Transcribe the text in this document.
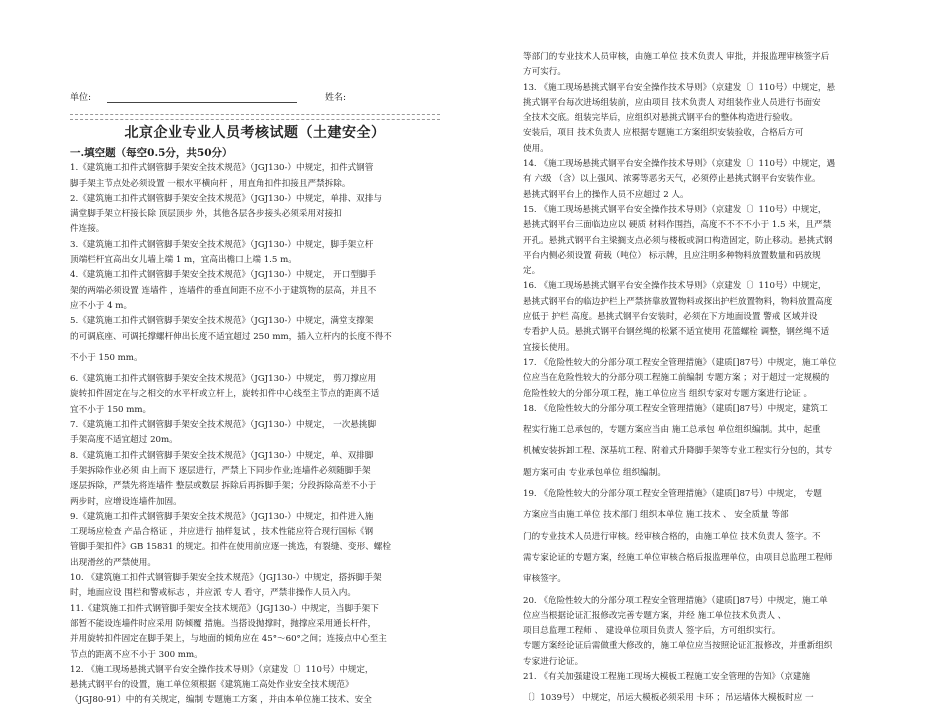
单位:	姓名:
北京企业专业人员考核试题（土建安全）
一.填空题（每空0.5分，共50分）
1.《建筑施工扣件式钢管脚手架安全技术规范》（JGJ130-）中规定，扣件式钢管
脚手架主节点处必须设置 一根水平横向杆 ，用直角扣件扣接且严禁拆除。
2.《建筑施工扣件式钢管脚手架安全技术规范》（JGJ130-）中规定，单排、双排与
满堂脚手架立杆接长除 顶层顶步 外，其他各层各步接头必须采用对接扣
件连接。
3.《建筑施工扣件式钢管脚手架安全技术规范》（JGJ130-）中规定，脚手架立杆
顶端栏杆宜高出女儿墙上端 1 m，宜高出檐口上端 1.5 m。
4.《建筑施工扣件式钢管脚手架安全技术规范》（JGJ130-）中规定， 开口型脚手
架的两端必须设置 连墙件 ，连墙件的垂直间距不应不小于建筑物的层高，并且不
应不小于 4 m。
5.《建筑施工扣件式钢管脚手架安全技术规范》（JGJ130-）中规定，满堂支撑架
的可调底座、可调托撑螺杆伸出长度不适宜超过 250 mm，插入立杆内的长度不得不
不小于 150 mm。
6.《建筑施工扣件式钢管脚手架安全技术规范》（JGJ130-）中规定， 剪刀撑应用
旋转扣件固定在与之相交的水平杆或立杆上，旋转扣件中心线至主节点的距离不适
宜不小于 150 mm。
7.《建筑施工扣件式钢管脚手架安全技术规范》（JGJ130-）中规定， 一次悬挑脚
手架高度不适宜超过 20m。
8.《建筑施工扣件式钢管脚手架安全技术规范》（JGJ130-）中规定，单、双排脚
手架拆除作业必须 由上而下 逐层进行，严禁上下同步作业;连墙件必须随脚手架
逐层拆除，严禁先将连墙件 整层或数层 拆除后再拆脚手架；分段拆除高差不小于
两步时，应增设连墙件加固。
9.《建筑施工扣件式钢管脚手架安全技术规范》（JGJ130-）中规定，扣件进入施
工现场应检查 产品合格证 ，并应进行 抽样复试 ，技术性能应符合现行国标《钢
管脚手架扣件》GB 15831 的规定。扣件在使用前应逐一挑选，有裂缝、变形、螺栓
出现滑丝的严禁使用。
10. 《建筑施工扣件式钢管脚手架安全技术规范》（JGJ130-）中规定，搭拆脚手架
时，地面应设 围栏和警戒标志 ，并应派 专人 看守，严禁非操作人员入内。
11.《建筑施工扣件式钢管脚手架安全技术规范》（JGJ130-）中规定，当脚手架下
部暂不能设连墙件时应采用 防倾覆 措施。当搭设抛撑时，抛撑应采用通长杆件，
并用旋转扣件固定在脚手架上，与地面的倾角应在 45°～60°之间；连接点中心至主
节点的距离不应不小于 300 mm。
12. 《施工现场悬挑式钢平台安全操作技术导则》（京建发〔〕110号）中规定，
悬挑式钢平台的设置，施工单位须根据《建筑施工高处作业安全技术规范》
（JGJ80-91）中的有关规定，编制 专题施工方案 ，并由本单位施工技术、安全
等部门的专业技术人员审核，由施工单位 技术负责人 审批，并报监理审核签字后
方可实行。
13. 《施工现场悬挑式钢平台安全操作技术导则》（京建发〔〕110号）中规定，悬
挑式钢平台每次进场组装前，应由项目 技术负责人 对组装作业人员进行书面安
全技术交底。组装完毕后，应组织对悬挑式钢平台的整体构造进行验收。
安装后，项目 技术负责人 应根据专题施工方案组织安装验收，合格后方可
使用。
14. 《施工现场悬挑式钢平台安全操作技术导则》（京建发〔〕110号）中规定，遇
有 六级 （含）以上强风、浓雾等恶劣天气，必须停止悬挑式钢平台安装作业。
悬挑式钢平台上的操作人员不应超过 2 人。
15. 《施工现场悬挑式钢平台安全操作技术导则》（京建发〔〕110号）中规定，
悬挑式钢平台三面临边应以 硬质 材料作围挡，高度不不不不小于 1.5 米，且严禁
开孔。悬挑式钢平台主梁搁支点必须与楼板或洞口构造固定，防止移动。悬挑式钢
平台内侧必须设置 荷载（吨位） 标示牌，且应注明多种物料放置数量和码放规
定。
16. 《施工现场悬挑式钢平台安全操作技术导则》（京建发〔〕110号）中规定，
悬挑式钢平台的临边护栏上严禁挤靠放置物料或探出护栏放置物料，物料放置高度
应低于 护栏 高度。悬挑式钢平台安装时，必须在下方地面设置 警戒 区域并设
专看护人员。悬挑式钢平台钢丝绳的松紧不适宜使用 花篮螺栓 调整，钢丝绳不适
宜接长使用。
17. 《危险性较大的分部分项工程安全管理措施》（建质[]87号）中规定，施工单位
位应当在危险性较大的分部分项工程施工前编制 专题方案 ；对于超过一定规模的
危险性较大的分部分项工程，施工单位应当 组织专家对专题方案进行论证 。
18. 《危险性较大的分部分项工程安全管理措施》（建质[]87号）中规定，建筑工
程实行施工总承包的，专题方案应当由 施工总承包 单位组织编制。其中，起重
机械安装拆卸工程、深基坑工程、附着式升降脚手架等专业工程实行分包的，其专
题方案可由 专业承包单位 组织编制。
19. 《危险性较大的分部分项工程安全管理措施》（建质[]87号）中规定， 专题
方案应当由施工单位 技术部门 组织本单位 施工技术 、 安全质量 等部
门的专业技术人员进行审核。经审核合格的，由施工单位 技术负责人 签字。不
需专家论证的专题方案，经施工单位审核合格后报监理单位，由项目总监理工程师
审核签字。
20. 《危险性较大的分部分项工程安全管理措施》（建质[]87号）中规定，施工单
位应当根据论证汇报修改完善专题方案，并经 施工单位技术负责人 、
项目总监理工程师 、 建设单位项目负责人 签字后，方可组织实行。
专题方案经论证后需做重大修改的，施工单位应当按照论证汇报修改，并重新组织
专家进行论证。
21. 《有关加强建设工程施工现场大模板工程施工安全管理的告知》（京建施
〔〕1039号） 中规定，吊运大模板必须采用 卡环 ；吊运墙体大模板时应 一
